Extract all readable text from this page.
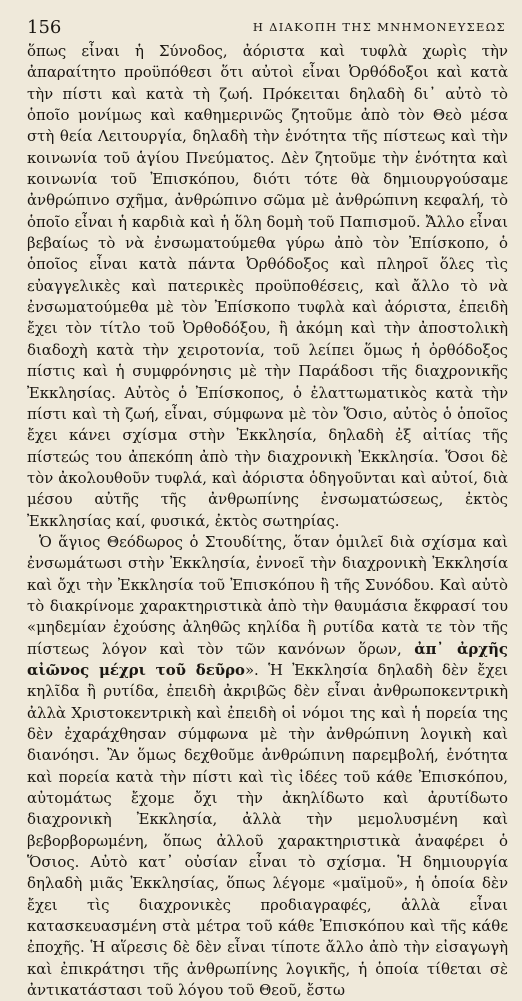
156	Η ΔΙΑΚΟΠΗ ΤΗΣ ΜΝΗΜΟΝΕΥΣΕΩΣ

ὅπως εἶναι ἡ Σύνοδος, ἀόριστα καὶ τυφλὰ χωρὶς τὴν ἀπαραίτητο προϋπόθεσι ὅτι αὐτοὶ εἶναι Ὀρθόδοξοι καὶ κατὰ τὴν πίστι καὶ κατὰ τὴ ζωή. Πρόκειται δηλαδὴ δι᾽ αὐτὸ τὸ ὁποῖο μονίμως καὶ καθημερινῶς ζητοῦμε ἀπὸ τὸν Θεὸ μέσα στὴ θεία Λειτουργία, δηλαδὴ τὴν ἑνότητα τῆς πίστεως καὶ τὴν κοινωνία τοῦ ἁγίου Πνεύματος. Δὲν ζητοῦμε τὴν ἑνότητα καὶ κοινωνία τοῦ Ἐπισκόπου, διότι τότε θὰ δημιουργούσαμε ἀνθρώπινο σχῆμα, ἀνθρώπινο σῶμα μὲ ἀνθρώπινη κεφαλή, τὸ ὁποῖο εἶναι ἡ καρδιὰ καὶ ἡ ὅλη δομὴ τοῦ Παπισμοῦ. Ἄλλο εἶναι βεβαίως τὸ νὰ ἐνσωματούμεθα γύρω ἀπὸ τὸν Ἐπίσκοπο, ὁ ὁποῖος εἶναι κατὰ πάντα Ὀρθόδοξος καὶ πληροῖ ὅλες τὶς εὐαγγελικὲς καὶ πατερικὲς προϋποθέσεις, καὶ ἄλλο τὸ νὰ ἐνσωματούμεθα μὲ τὸν Ἐπίσκοπο τυφλὰ καὶ ἀόριστα, ἐπειδὴ ἔχει τὸν τίτλο τοῦ Ὀρθοδόξου, ἢ ἀκόμη καὶ τὴν ἀποστολικὴ διαδοχὴ κατὰ τὴν χειροτονία, τοῦ λείπει ὅμως ἡ ὀρθόδοξος πίστις καὶ ἡ συμφρόνησις μὲ τὴν Παράδοσι τῆς διαχρονικῆς Ἐκκλησίας. Αὐτὸς ὁ Ἐπίσκοπος, ὁ ἐλαττωματικὸς κατὰ τὴν πίστι καὶ τὴ ζωή, εἶναι, σύμφωνα μὲ τὸν Ὅσιο, αὐτὸς ὁ ὁποῖος ἔχει κάνει σχίσμα στὴν Ἐκκλησία, δηλαδὴ ἐξ αἰτίας τῆς πίστεώς του ἀπεκόπη ἀπὸ τὴν διαχρονικὴ Ἐκκλησία. Ὅσοι δὲ τὸν ἀκολουθοῦν τυφλά, καὶ ἀόριστα ὁδηγοῦνται καὶ αὐτοί, διὰ μέσου αὐτῆς τῆς ἀνθρωπίνης ἐνσωματώσεως, ἐκτὸς Ἐκκλησίας καί, φυσικά, ἐκτὸς σωτηρίας.

Ὁ ἅγιος Θεόδωρος ὁ Στουδίτης, ὅταν ὁμιλεῖ διὰ σχίσμα καὶ ἐνσωμάτωσι στὴν Ἐκκλησία, ἐννοεῖ τὴν διαχρονικὴ Ἐκκλησία καὶ ὄχι τὴν Ἐκκλησία τοῦ Ἐπισκόπου ἢ τῆς Συνόδου. Καὶ αὐτὸ τὸ διακρίνομε χαρακτηριστικὰ ἀπὸ τὴν θαυμάσια ἔκφρασί του «μηδεμίαν ἐχούσης ἀληθῶς κηλίδα ἢ ρυτίδα κατὰ τε τὸν τῆς πίστεως λόγον καὶ τὸν τῶν κανόνων ὅρων, ἀπ᾽ ἀρχῆς αἰῶνος μέχρι τοῦ δεῦρο». Ἡ Ἐκκλησία δηλαδὴ δὲν ἔχει κηλῖδα ἢ ρυτίδα, ἐπειδὴ ἀκριβῶς δὲν εἶναι ἀνθρωποκεντρικὴ ἀλλὰ Χριστοκεντρικὴ καὶ ἐπειδὴ οἱ νόμοι της καὶ ἡ πορεία της δὲν ἐχαράχθησαν σύμφωνα μὲ τὴν ἀνθρώπινη λογικὴ καὶ διανόησι. Ἂν ὅμως δεχθοῦμε ἀνθρώπινη παρεμβολή, ἑνότητα καὶ πορεία κατὰ τὴν πίστι καὶ τὶς ἰδέες τοῦ κάθε Ἐπισκόπου, αὐτομάτως ἔχομε ὄχι τὴν ἀκηλίδωτο καὶ ἀρυτίδωτο διαχρονικὴ Ἐκκλησία, ἀλλὰ τὴν μεμολυσμένη καὶ βεβορβορωμένη, ὅπως ἀλλοῦ χαρακτηριστικὰ ἀναφέρει ὁ Ὅσιος. Αὐτὸ κατ᾽ οὐσίαν εἶναι τὸ σχίσμα. Ἡ δημιουργία δηλαδὴ μιᾶς Ἐκκλησίας, ὅπως λέγομε «μαϊμοῦ», ἡ ὁποία δὲν ἔχει τὶς διαχρονικὲς προδιαγραφές, ἀλλὰ εἶναι κατασκευασμένη στὰ μέτρα τοῦ κάθε Ἐπισκόπου καὶ τῆς κάθε ἐποχῆς. Ἡ αἵρεσις δὲ δὲν εἶναι τίποτε ἄλλο ἀπὸ τὴν εἰσαγωγὴ καὶ ἐπικράτησι τῆς ἀνθρωπίνης λογικῆς, ἡ ὁποία τίθεται σὲ ἀντικατάστασι τοῦ λόγου τοῦ Θεοῦ, ἔστω
